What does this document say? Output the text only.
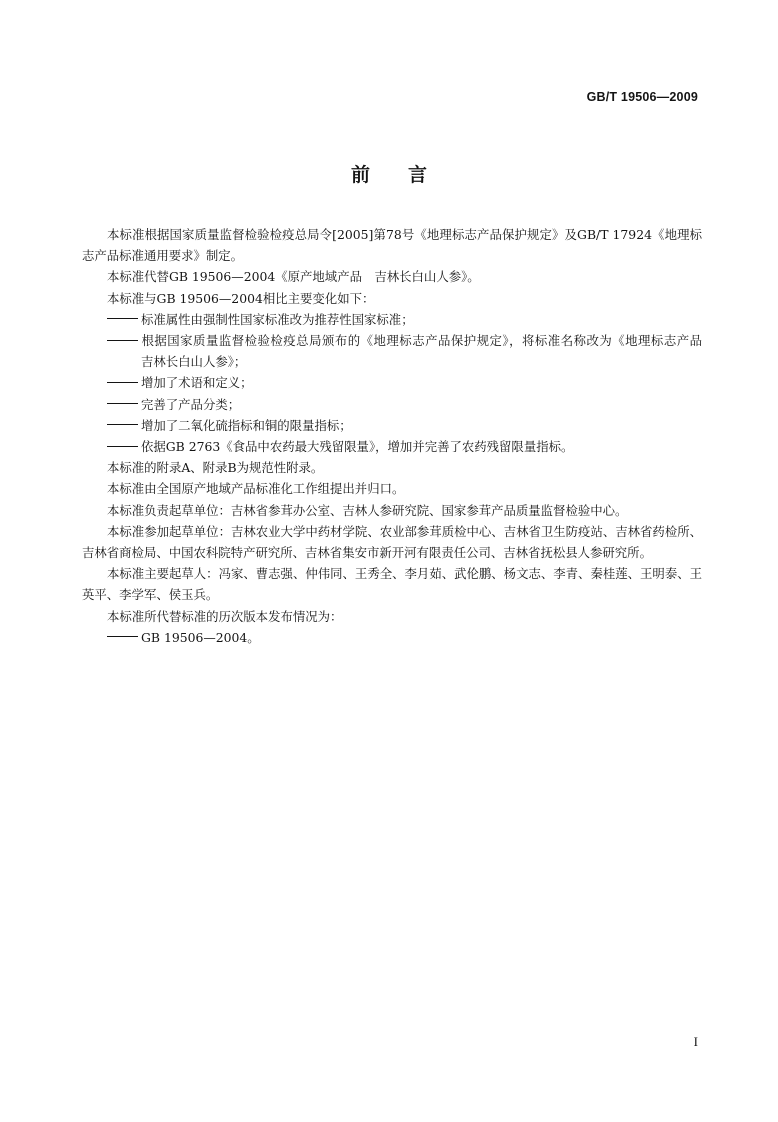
GB/T 19506—2009
前 言

本标准根据国家质量监督检验检疫总局令[2005]第78号《地理标志产品保护规定》及GB/T 17924《地理标志产品标准通用要求》制定。

本标准代替GB 19506—2004《原产地域产品　吉林长白山人参》。

本标准与GB 19506—2004相比主要变化如下：

标准属性由强制性国家标准改为推荐性国家标准；

根据国家质量监督检验检疫总局颁布的《地理标志产品保护规定》，将标准名称改为《地理标志产品　吉林长白山人参》；

增加了术语和定义；

完善了产品分类；

增加了二氧化硫指标和铜的限量指标；

依据GB 2763《食品中农药最大残留限量》，增加并完善了农药残留限量指标。

本标准的附录A、附录B为规范性附录。

本标准由全国原产地域产品标准化工作组提出并归口。

本标准负责起草单位：吉林省参茸办公室、吉林人参研究院、国家参茸产品质量监督检验中心。

本标准参加起草单位：吉林农业大学中药材学院、农业部参茸质检中心、吉林省卫生防疫站、吉林省药检所、吉林省商检局、中国农科院特产研究所、吉林省集安市新开河有限责任公司、吉林省抚松县人参研究所。

本标准主要起草人：冯家、曹志强、仲伟同、王秀全、李月茹、武伦鹏、杨文志、李青、秦桂莲、王明泰、王英平、李学军、侯玉兵。

本标准所代替标准的历次版本发布情况为：

GB 19506—2004。

I
